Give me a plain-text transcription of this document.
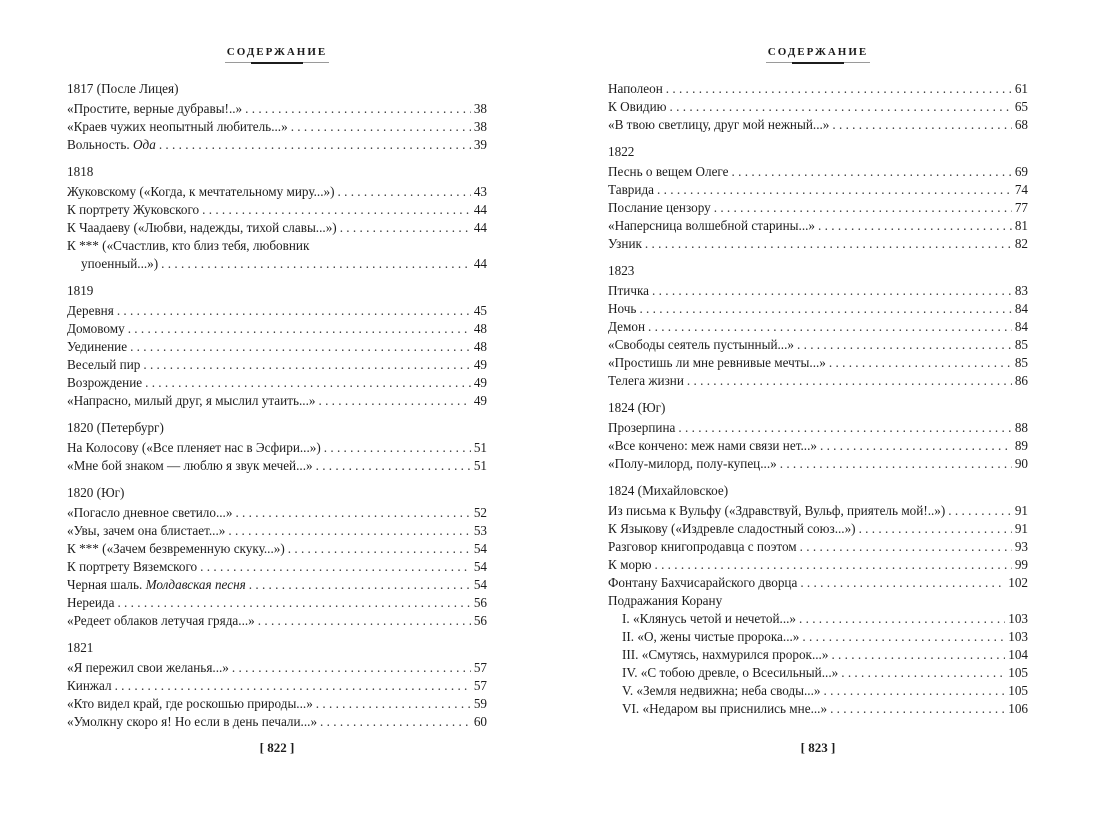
СОДЕРЖАНИЕ
1817 (После Лицея)
«Простите, верные дубравы!..» . . .	38
«Краев чужих неопытный любитель...» . . .	38
Вольность. Ода . . .	39
1818
Жуковскому («Когда, к мечтательному миру...») . . .	43
К портрету Жуковского . . .	44
К Чаадаеву («Любви, надежды, тихой славы...») . . .	44
К *** («Счастлив, кто близ тебя, любовник
упоенный...») . . .	44
1819
Деревня . . .	45
Домовому . . .	48
Уединение . . .	48
Веселый пир . . .	49
Возрождение . . .	49
«Напрасно, милый друг, я мыслил утаить...» . . .	49
1820 (Петербург)
На Колосову («Все пленяет нас в Эсфири...») . . .	51
«Мне бой знаком — люблю я звук мечей...» . . .	51
1820 (Юг)
«Погасло дневное светило...» . . .	52
«Увы, зачем она блистает...» . . .	53
К *** («Зачем безвременную скуку...») . . .	54
К портрету Вяземского . . .	54
Черная шаль. Молдавская песня . . .	54
Нереида . . .	56
«Редеет облаков летучая гряда...» . . .	56
1821
«Я пережил свои желанья...» . . .	57
Кинжал . . .	57
«Кто видел край, где роскошью природы...» . . .	59
«Умолкну скоро я! Но если в день печали...» . . .	60
[ 822 ]
СОДЕРЖАНИЕ
Наполеон . . .	61
К Овидию . . .	65
«В твою светлицу, друг мой нежный...» . . .	68
1822
Песнь о вещем Олеге . . .	69
Таврида . . .	74
Послание цензору . . .	77
«Наперсница волшебной старины...» . . .	81
Узник . . .	82
1823
Птичка . . .	83
Ночь . . .	84
Демон . . .	84
«Свободы сеятель пустынный...» . . .	85
«Простишь ли мне ревнивые мечты...» . . .	85
Телега жизни . . .	86
1824 (Юг)
Прозерпина . . .	88
«Все кончено: меж нами связи нет...» . . .	89
«Полу-милорд, полу-купец...» . . .	90
1824 (Михайловское)
Из письма к Вульфу («Здравствуй, Вульф, приятель мой!..») . . .	91
К Языкову («Издревле сладостный союз...») . . .	91
Разговор книгопродавца с поэтом . . .	93
К морю . . .	99
Фонтану Бахчисарайского дворца . . .	102
Подражания Корану
I. «Клянусь четой и нечетой...» . . .	103
II. «О, жены чистые пророка...» . . .	103
III. «Смутясь, нахмурился пророк...» . . .	104
IV. «С тобою древле, о Всесильный...» . . .	105
V. «Земля недвижна; неба своды...» . . .	105
VI. «Недаром вы приснились мне...» . . .	106
[ 823 ]
